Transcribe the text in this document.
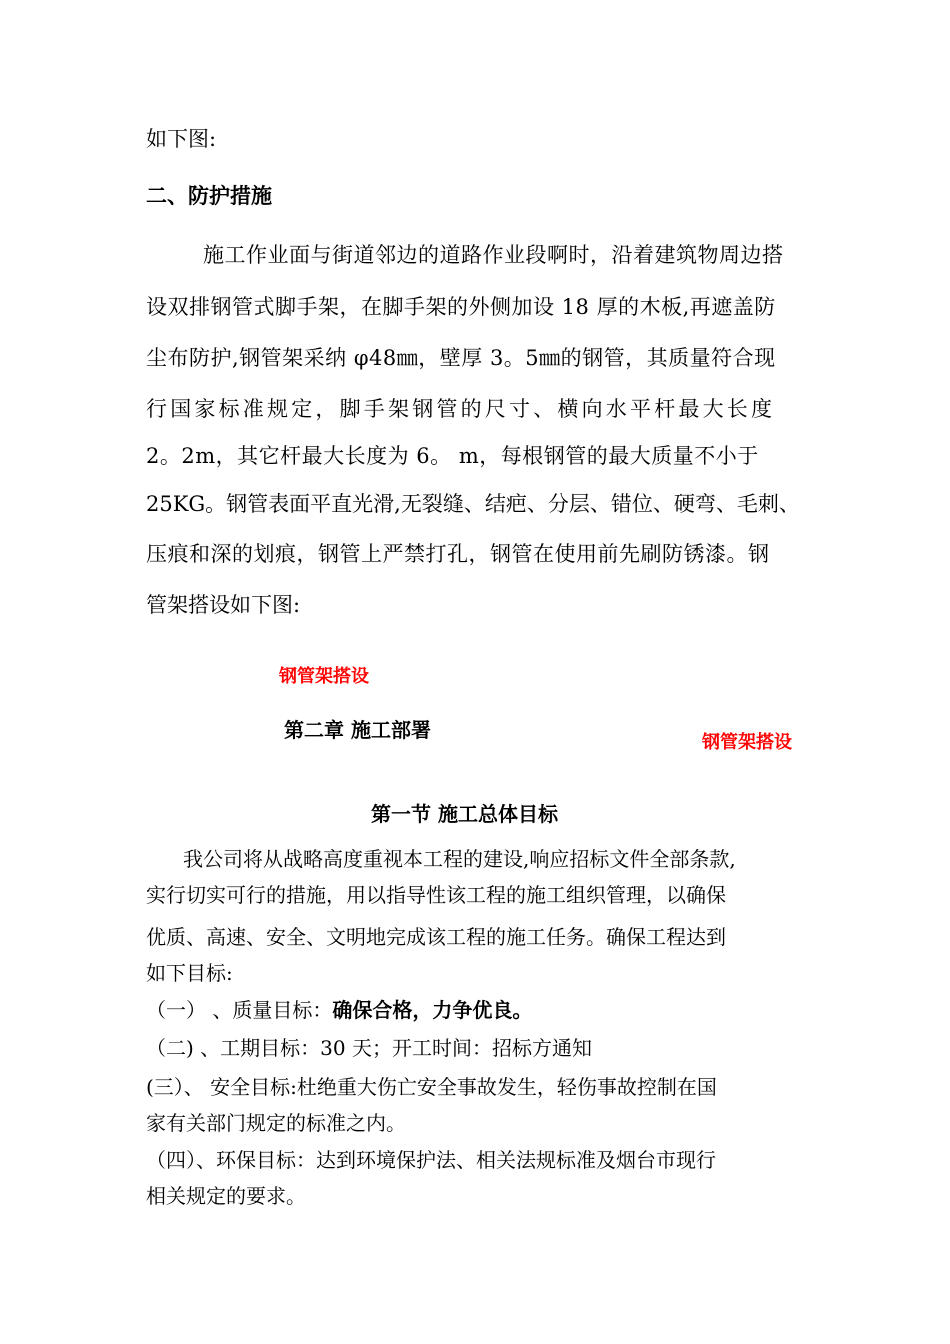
如下图:

二、防护措施

施工作业面与街道邻边的道路作业段啊时，沿着建筑物周边搭

设双排钢管式脚手架，在脚手架的外侧加设 18 厚的木板,再遮盖防

尘布防护,钢管架采纳 φ48㎜，壁厚 3。5㎜的钢管，其质量符合现

行国家标准规定，脚手架钢管的尺寸、横向水平杆最大长度

2。2m，其它杆最大长度为 6。 m，每根钢管的最大质量不小于

25KG。钢管表面平直光滑,无裂缝、结疤、分层、错位、硬弯、毛刺、

压痕和深的划痕，钢管上严禁打孔，钢管在使用前先刷防锈漆。钢

管架搭设如下图:

钢管架搭设
第二章 施工部署
钢管架搭设
第一节 施工总体目标

我公司将从战略高度重视本工程的建设,响应招标文件全部条款,

实行切实可行的措施，用以指导性该工程的施工组织管理，以确保

优质、高速、安全、文明地完成该工程的施工任务。确保工程达到

如下目标:

（一） 、质量目标：确保合格，力争优良。

（二) 、工期目标：30 天；开工时间：招标方通知

(三）、 安全目标:杜绝重大伤亡安全事故发生，轻伤事故控制在国

家有关部门规定的标准之内。

（四）、环保目标：达到环境保护法、相关法规标准及烟台市现行

相关规定的要求。
